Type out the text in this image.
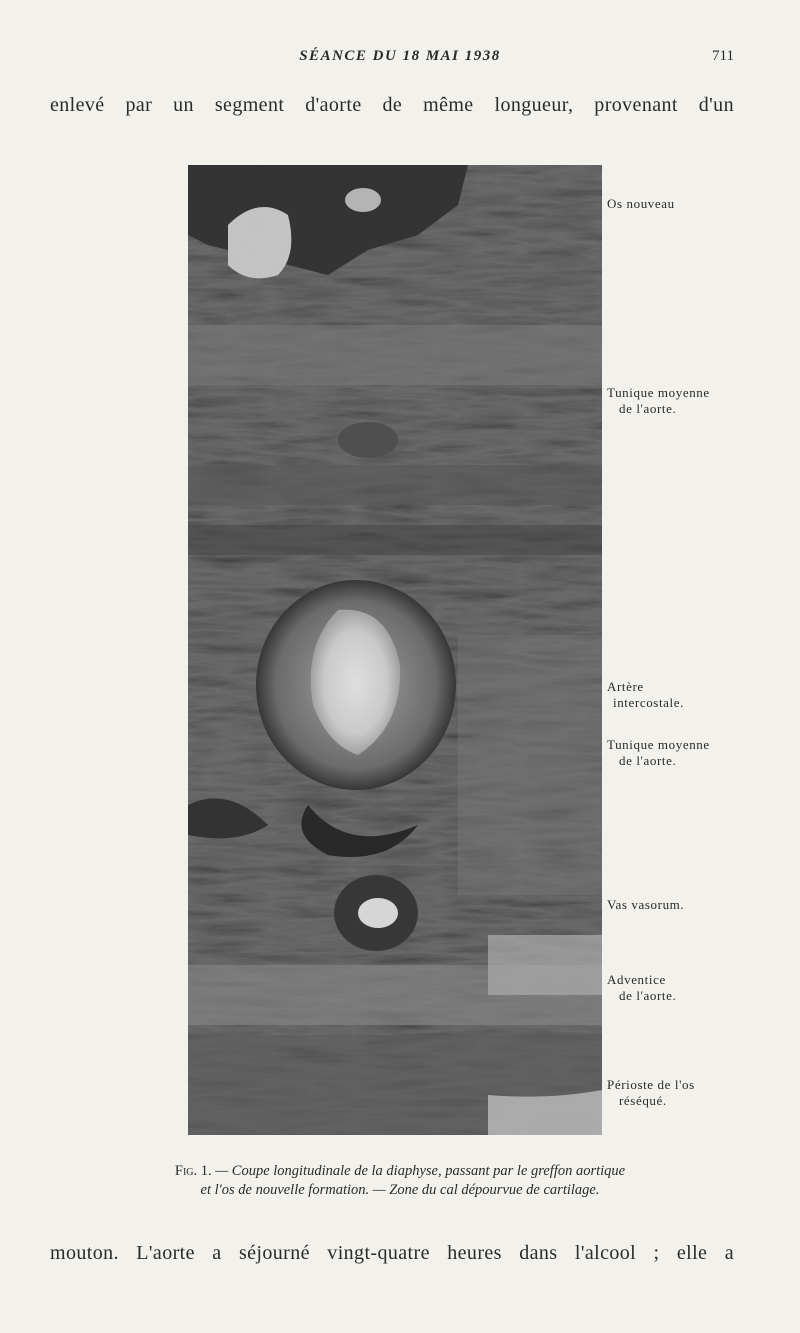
SÉANCE DU 18 MAI 1938	711
enlevé par un segment d'aorte de même longueur, provenant d'un
Os nouveau
Tunique moyenne
de l'aorte.
Artère
intercostale.
Tunique moyenne
de l'aorte.
Vas vasorum.
Adventice
de l'aorte.
Périoste de l'os
réséqué.
Fig. 1. — Coupe longitudinale de la diaphyse, passant par le greffon aortique
et l'os de nouvelle formation. — Zone du cal dépourvue de cartilage.
mouton. L'aorte a séjourné vingt-quatre heures dans l'alcool ; elle a
